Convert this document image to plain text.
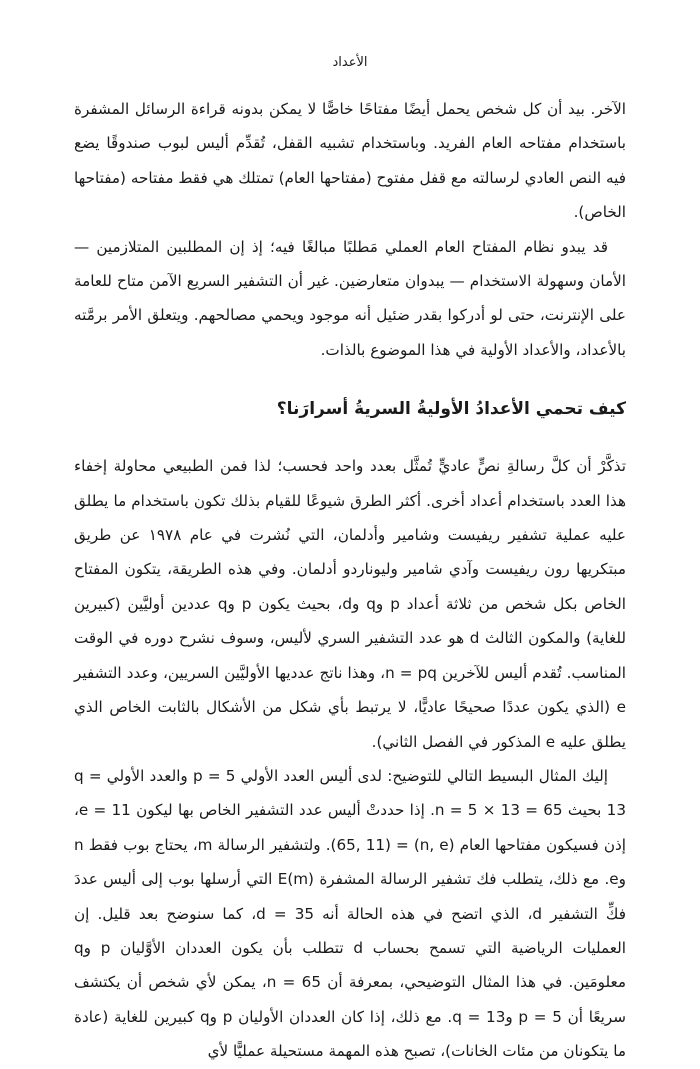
الأعداد

الآخر. بيد أن كل شخص يحمل أيضًا مفتاحًا خاصًّا لا يمكن بدونه قراءة الرسائل المشفرة باستخدام مفتاحه العام الفريد. وباستخدام تشبيه القفل، تُقدِّم أليس لبوب صندوقًا يضع فيه النص العادي لرسالته مع قفل مفتوح (مفتاحها العام) تمتلك هي فقط مفتاحه (مفتاحها الخاص).

قد يبدو نظام المفتاح العام العملي مَطلبًا مبالغًا فيه؛ إذ إن المطلبين المتلازمين — الأمان وسهولة الاستخدام — يبدوان متعارضين. غير أن التشفير السريع الآمن متاح للعامة على الإنترنت، حتى لو أدركوا بقدر ضئيل أنه موجود ويحمي مصالحهم. ويتعلق الأمر برمَّته بالأعداد، والأعداد الأولية في هذا الموضوع بالذات.

كيف تحمي الأعدادُ الأوليةُ السريةُ أسرارَنا؟

تذكَّرْ أن كلَّ رسالةِ نصٍّ عاديٍّ تُمثَّل بعدد واحد فحسب؛ لذا فمن الطبيعي محاولة إخفاء هذا العدد باستخدام أعداد أخرى. أكثر الطرق شيوعًا للقيام بذلك تكون باستخدام ما يطلق عليه عملية تشفير ريفيست وشامير وأدلمان، التي نُشرت في عام ١٩٧٨ عن طريق مبتكريها رون ريفيست وآدي شامير وليوناردو أدلمان. وفي هذه الطريقة، يتكون المفتاح الخاص بكل شخص من ثلاثة أعداد p وq وd، بحيث يكون p وq عددين أوليَّين (كبيرين للغاية) والمكون الثالث d هو عدد التشفير السري لأليس، وسوف نشرح دوره في الوقت المناسب. تُقدم أليس للآخرين n = pq، وهذا ناتج عدديها الأوليَّين السريين، وعدد التشفير e (الذي يكون عددًا صحيحًا عاديًّا، لا يرتبط بأي شكل من الأشكال بالثابت الخاص الذي يطلق عليه e المذكور في الفصل الثاني).

إليك المثال البسيط التالي للتوضيح: لدى أليس العدد الأولي p = 5 والعدد الأولي q = 13 بحيث n = 5 × 13 = 65. إذا حددتْ أليس عدد التشفير الخاص بها ليكون e = 11، إذن فسيكون مفتاحها العام (n, e) = (65, 11). ولتشفير الرسالة m، يحتاج بوب فقط n وe. مع ذلك، يتطلب فك تشفير الرسالة المشفرة E(m) التي أرسلها بوب إلى أليس عددَ فكِّ التشفير d، الذي اتضح في هذه الحالة أنه d = 35، كما سنوضح بعد قليل. إن العمليات الرياضية التي تسمح بحساب d تتطلب بأن يكون العددان الأوَّليان p وq معلومَين. في هذا المثال التوضيحي، بمعرفة أن n = 65، يمكن لأي شخص أن يكتشف سريعًا أن p = 5 وq = 13. مع ذلك، إذا كان العددان الأوليان p وq كبيرين للغاية (عادة ما يتكونان من مئات الخانات)، تصبح هذه المهمة مستحيلة عمليًّا لأي
